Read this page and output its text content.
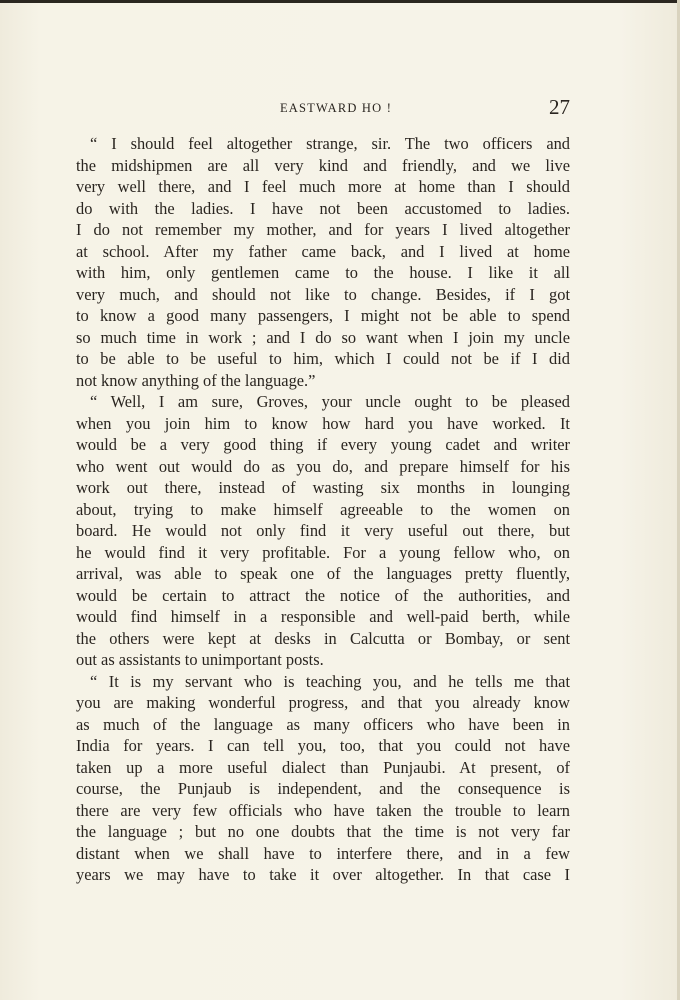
EASTWARD HO !	27
“ I should feel altogether strange, sir. The two officers and
the midshipmen are all very kind and friendly, and we live
very well there, and I feel much more at home than I should
do with the ladies. I have not been accustomed to ladies.
I do not remember my mother, and for years I lived altogether
at school. After my father came back, and I lived at home
with him, only gentlemen came to the house. I like it all
very much, and should not like to change. Besides, if I got
to know a good many passengers, I might not be able to spend
so much time in work ; and I do so want when I join my uncle
to be able to be useful to him, which I could not be if I did
not know anything of the language.”
“ Well, I am sure, Groves, your uncle ought to be pleased
when you join him to know how hard you have worked. It
would be a very good thing if every young cadet and writer
who went out would do as you do, and prepare himself for his
work out there, instead of wasting six months in lounging
about, trying to make himself agreeable to the women on
board. He would not only find it very useful out there, but
he would find it very profitable. For a young fellow who, on
arrival, was able to speak one of the languages pretty fluently,
would be certain to attract the notice of the authorities, and
would find himself in a responsible and well-paid berth, while
the others were kept at desks in Calcutta or Bombay, or sent
out as assistants to unimportant posts.
“ It is my servant who is teaching you, and he tells me that
you are making wonderful progress, and that you already know
as much of the language as many officers who have been in
India for years. I can tell you, too, that you could not have
taken up a more useful dialect than Punjaubi. At present, of
course, the Punjaub is independent, and the consequence is
there are very few officials who have taken the trouble to learn
the language ; but no one doubts that the time is not very far
distant when we shall have to interfere there, and in a few
years we may have to take it over altogether. In that case I
